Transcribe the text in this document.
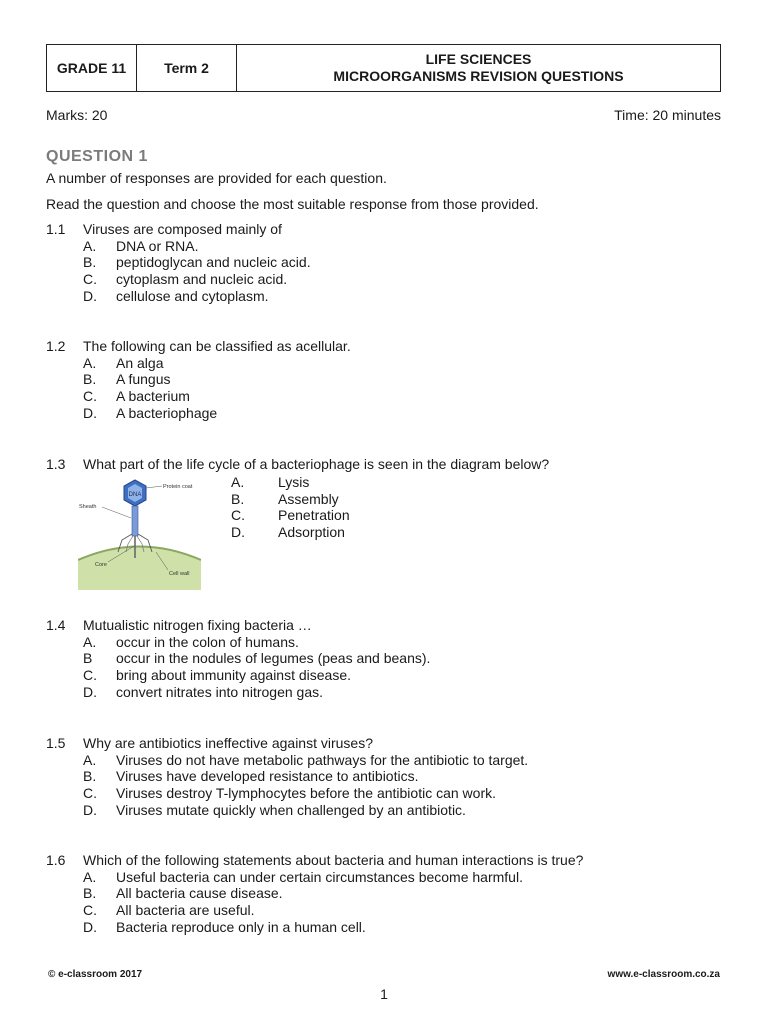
GRADE 11	Term 2
LIFE SCIENCES
MICROORGANISMS REVISION QUESTIONS
Marks: 20	Time: 20 minutes
QUESTION 1
A number of responses are provided for each question.
Read the question and choose the most suitable response from those provided.
1.1	Viruses are composed mainly of
A.	DNA or RNA.
B.	peptidoglycan and nucleic acid.
C.	cytoplasm and nucleic acid.
D.	cellulose and cytoplasm.
1.2	The following can be classified as acellular.
A.	An alga
B.	A fungus
C.	A bacterium
D.	A bacteriophage
1.3	What part of the life cycle of a bacteriophage is seen in the diagram below?
A.	Lysis
B.	Assembly
C.	Penetration
D.	Adsorption
DNA
Protein coat
Sheath
Core
Cell wall
1.4	Mutualistic nitrogen fixing bacteria …
A.	occur in the colon of humans.
B	occur in the nodules of legumes (peas and beans).
C.	bring about immunity against disease.
D.	convert nitrates into nitrogen gas.
1.5	Why are antibiotics ineffective against viruses?
A.	Viruses do not have metabolic pathways for the antibiotic to target.
B.	Viruses have developed resistance to antibiotics.
C.	Viruses destroy T-lymphocytes before the antibiotic can work.
D.	Viruses mutate quickly when challenged by an antibiotic.
1.6	Which of the following statements about bacteria and human interactions is true?
A.	Useful bacteria can under certain circumstances become harmful.
B.	All bacteria cause disease.
C.	All bacteria are useful.
D.	Bacteria reproduce only in a human cell.
© e-classroom 2017	www.e-classroom.co.za
1
